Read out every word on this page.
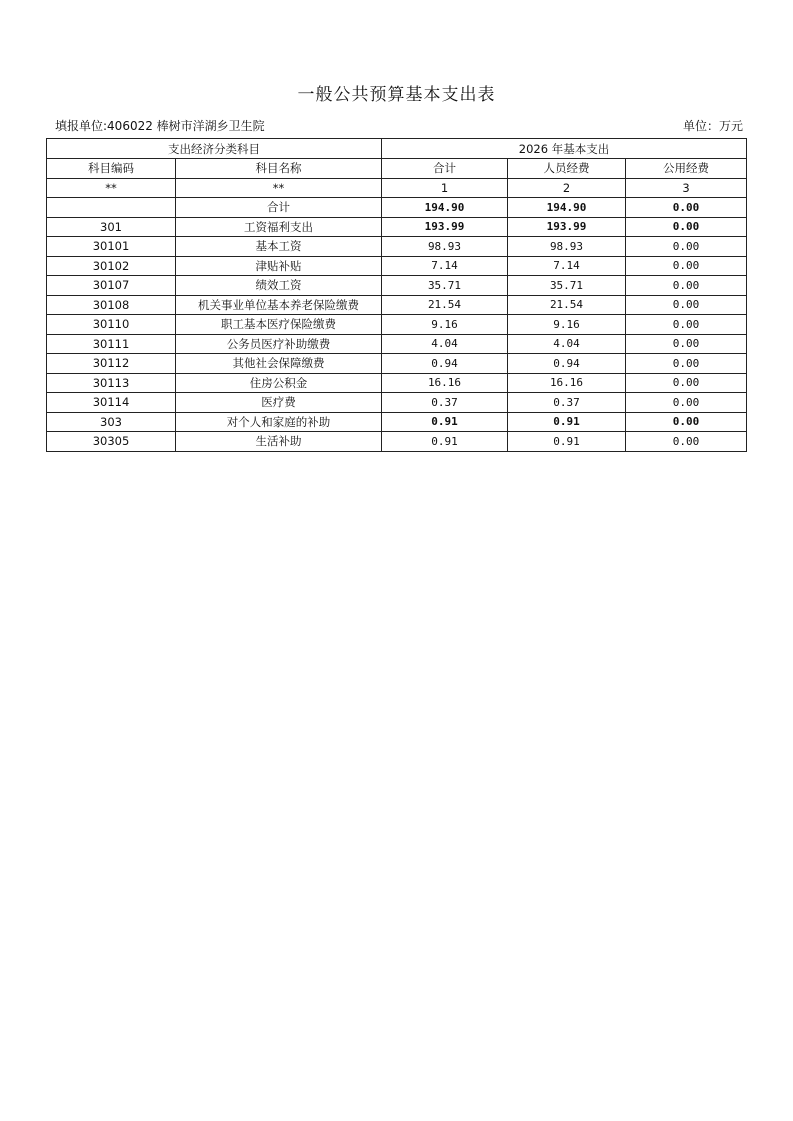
一般公共预算基本支出表
填报单位:406022 棒树市洋湖乡卫生院	单位：万元
支出经济分类科目		2026 年基本支出		
科目编码	科目名称	合计	人员经费	公用经费
**	**	1	2	3
	合计	194.90	194.90	0.00
301	工资福利支出	193.99	193.99	0.00
30101	基本工资	98.93	98.93	0.00
30102	津贴补贴	7.14	7.14	0.00
30107	绩效工资	35.71	35.71	0.00
30108	机关事业单位基本养老保险缴费	21.54	21.54	0.00
30110	职工基本医疗保险缴费	9.16	9.16	0.00
30111	公务员医疗补助缴费	4.04	4.04	0.00
30112	其他社会保障缴费	0.94	0.94	0.00
30113	住房公积金	16.16	16.16	0.00
30114	医疗费	0.37	0.37	0.00
303	对个人和家庭的补助	0.91	0.91	0.00
30305	生活补助	0.91	0.91	0.00
